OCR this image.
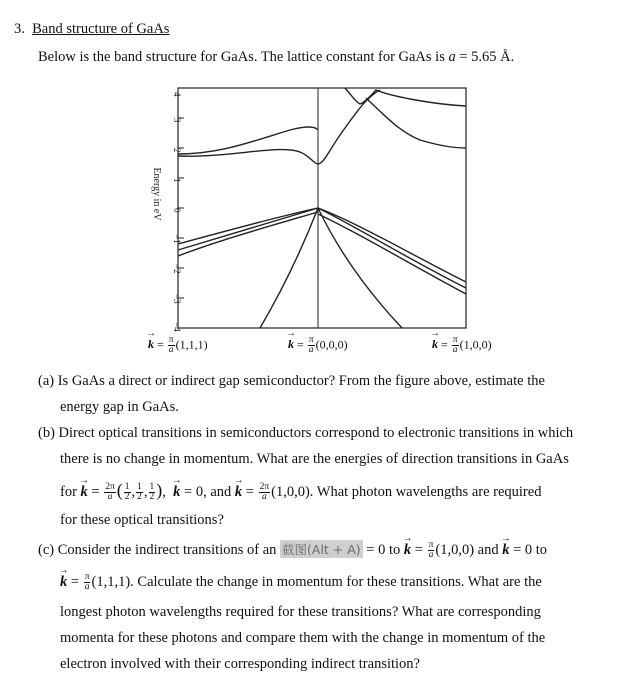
3. Band structure of GaAs
Below is the band structure for GaAs. The lattice constant for GaAs is a = 5.65 Å.
4
3
2
1
0
−1
−2
−3
−4
Energy in eV
→ $k = \frac{\pi}{a} (1,1,1)$	→ $k = \frac{\pi}{a} (0,0,0)$	→ $k = \frac{\pi}{a} (1,0,0)$
(a) Is GaAs a direct or indirect gap semiconductor? From the figure above, estimate the
energy gap in GaAs.
(b) Direct optical transitions in semiconductors correspond to electronic transitions in which
there is no change in momentum. What are the energies of direction transitions in GaAs
for → $k = \frac{2\pi}{a}$ ( $\frac{1}{2}$ , $\frac{1}{2}$ , $\frac{1}{2}$ ),  → k = 0, and → $k = \frac{2\pi}{a} (1,0,0)$. What photon wavelengths are required
for these optical transitions?
(c) Consider the indirect transitions of an 截图(Alt + A) = 0 to → $k = \frac{\pi}{a} (1,0,0)$ and → k = 0 to
→ $k = \frac{\pi}{a} (1,1,1)$. Calculate the change in momentum for these transitions. What are the
longest photon wavelengths required for these transitions? What are corresponding
momenta for these photons and compare them with the change in momentum of the
electron involved with their corresponding indirect transition?
